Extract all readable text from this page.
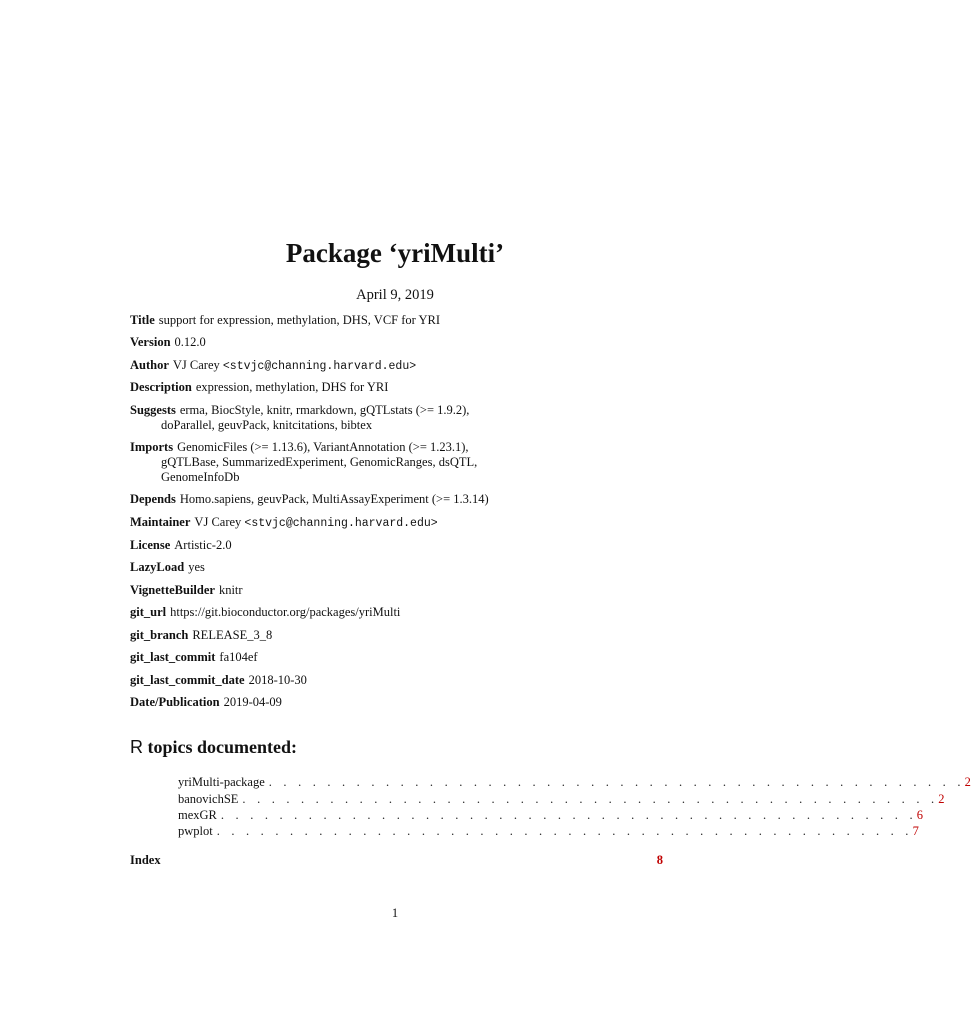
Package ‘yriMulti’
April 9, 2019
Title support for expression, methylation, DHS, VCF for YRI
Version 0.12.0
Author VJ Carey <stvjc@channing.harvard.edu>
Description expression, methylation, DHS for YRI
Suggests erma, BiocStyle, knitr, rmarkdown, gQTLstats (>= 1.9.2),
doParallel, geuvPack, knitcitations, bibtex
Imports GenomicFiles (>= 1.13.6), VariantAnnotation (>= 1.23.1),
gQTLBase, SummarizedExperiment, GenomicRanges, dsQTL,
GenomeInfoDb
Depends Homo.sapiens, geuvPack, MultiAssayExperiment (>= 1.3.14)
Maintainer VJ Carey <stvjc@channing.harvard.edu>
License Artistic-2.0
LazyLoad yes
VignetteBuilder knitr
git_url https://git.bioconductor.org/packages/yriMulti
git_branch RELEASE_3_8
git_last_commit fa104ef
git_last_commit_date 2018-10-30
Date/Publication 2019-04-09
R topics documented:
yriMulti-package . . . . . . . . . . . . . . . . . . . . . . . . . . . . . . . . . . . . . . . . . . . . . . . . 2
banovichSE . . . . . . . . . . . . . . . . . . . . . . . . . . . . . . . . . . . . . . . . . . . . . . . . 2
mexGR . . . . . . . . . . . . . . . . . . . . . . . . . . . . . . . . . . . . . . . . . . . . . . . . 6
pwplot . . . . . . . . . . . . . . . . . . . . . . . . . . . . . . . . . . . . . . . . . . . . . . . . 7
Index	8
1
